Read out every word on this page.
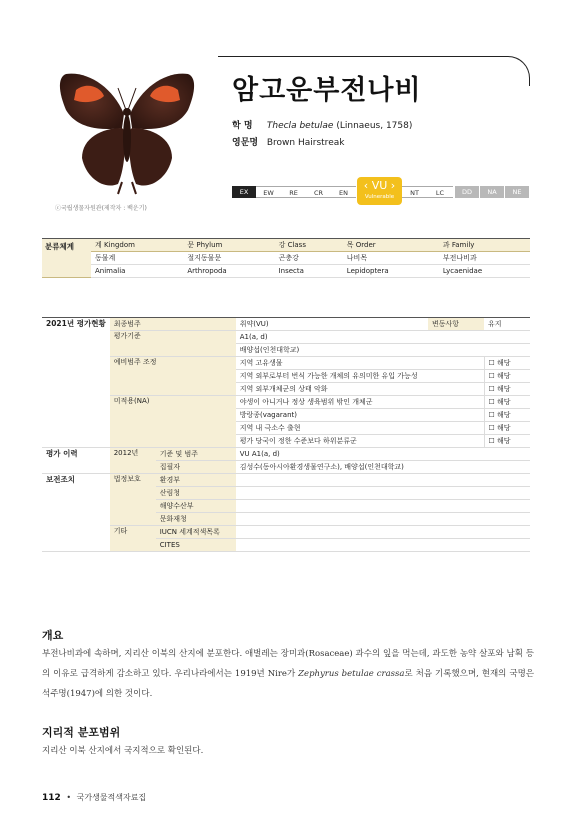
암고운부전나비
학 명 Thecla betulae (Linnaeus, 1758)
영문명 Brown Hairstreak
ⓒ국립생물자원관(제작자 : 백운기)
EX	EW	RE	CR	EN	NT	LC	DD	NA	NE
‹ VU ›
Vulnerable
분류체계	계 Kingdom	문 Phylum	강 Class	목 Order	과 Family
	동물계	절지동물문	곤충강	나비목	부전나비과
	Animalia	Arthropoda	Insecta	Lepidoptera	Lycaenidae
2021년 평가현황	최종범주		취약(VU)	변동사항	유지
	평가기준		A1(a, d)		
			배양섭(인천대학교)		
	예비범주 조정		지역 고유생물		☐ 해당
			지역 외부로부터 번식 가능한 개체의 유의미한 유입 가능성		☐ 해당
			지역 외부개체군의 상태 악화		☐ 해당
	미적용(NA)		야생이 아니거나 정상 생육범위 밖인 개체군		☐ 해당
			방랑종(vagarant)		☐ 해당
			지역 내 극소수 출현		☐ 해당
			평가 당국이 정한 수준보다 하위분류군		☐ 해당
평가 이력	2012년	기준 및 범주	VU A1(a, d)		
		집필자	김성수(동아시아환경생물연구소), 배양섭(인천대학교)		
보전조치	법정보호	환경부			
		산림청			
		해양수산부			
		문화재청			
	기타	IUCN 세계적색목록			
		CITES			
개요
부전나비과에 속하며, 지리산 이북의 산지에 분포한다. 애벌레는 장미과(Rosaceae) 과수의 잎을 먹는데, 과도한 농약 살포와 남획 등의 이유로 급격하게 감소하고 있다. 우리나라에서는 1919년 Nire가 Zephyrus betulae crassa로 처음 기록했으며, 현재의 국명은 석주명(1947)에 의한 것이다.
지리적 분포범위
지리산 이북 산지에서 국지적으로 확인된다.
112 • 국가생물적색자료집
